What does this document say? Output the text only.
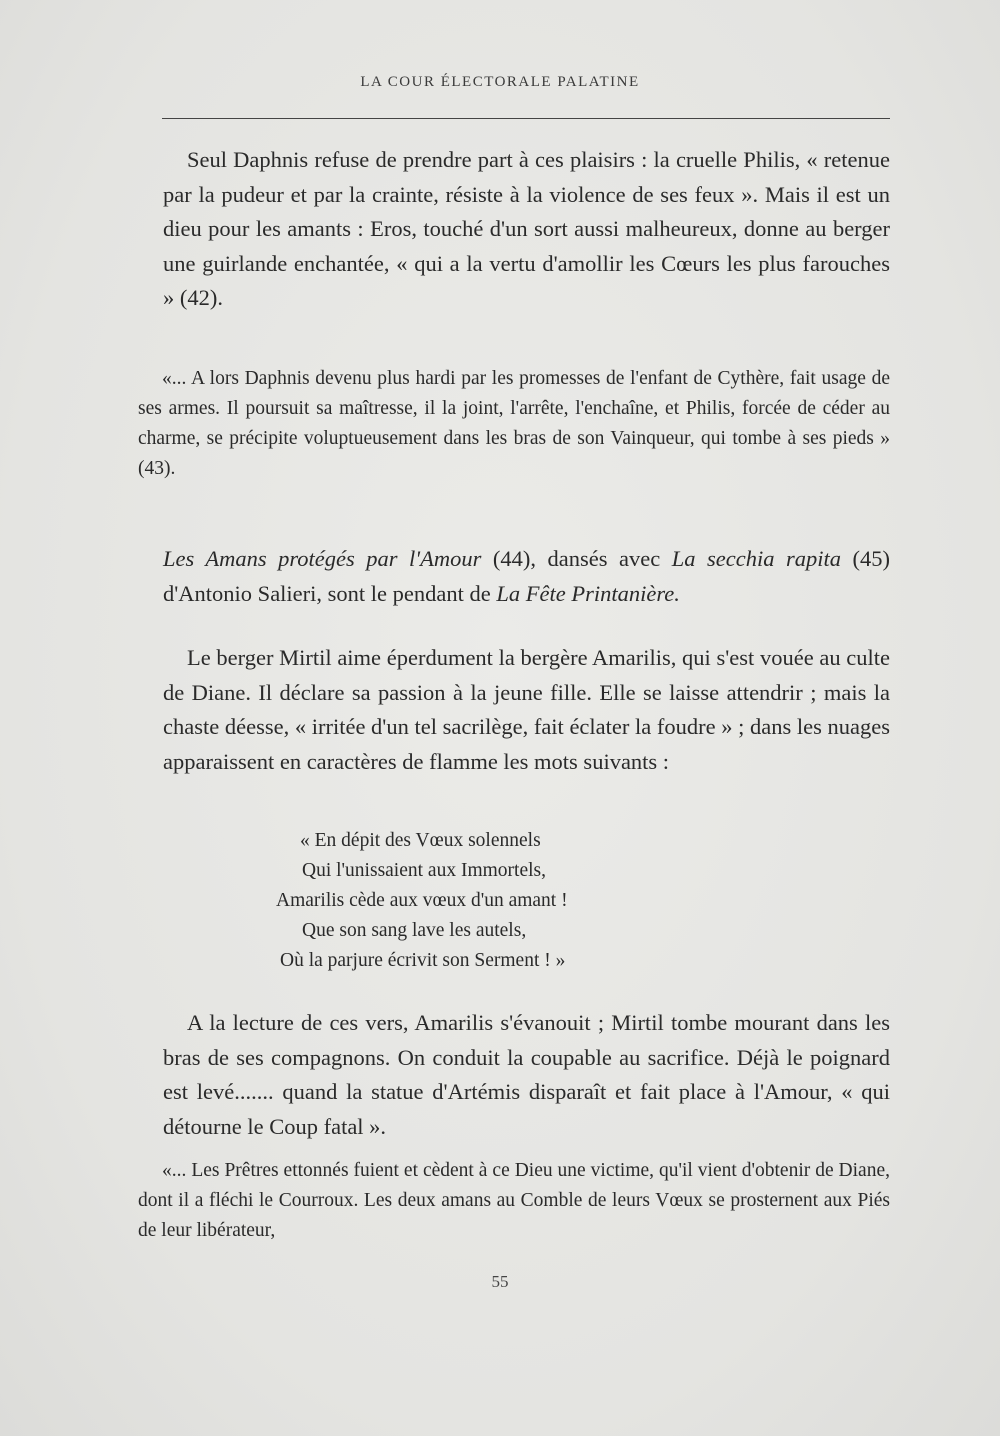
LA COUR ÉLECTORALE PALATINE

Seul Daphnis refuse de prendre part à ces plaisirs : la cruelle Philis, « retenue par la pudeur et par la crainte, résiste à la violence de ses feux ». Mais il est un dieu pour les amants : Eros, touché d'un sort aussi malheureux, donne au berger une guirlande enchantée, « qui a la vertu d'amollir les Cœurs les plus farouches » (42).

«... A lors Daphnis devenu plus hardi par les promesses de l'enfant de Cythère, fait usage de ses armes. Il poursuit sa maîtresse, il la joint, l'arrête, l'enchaîne, et Philis, forcée de céder au charme, se précipite voluptueusement dans les bras de son Vainqueur, qui tombe à ses pieds » (43).

Les Amans protégés par l'Amour (44), dansés avec La secchia rapita (45) d'Antonio Salieri, sont le pendant de La Fête Printanière.

Le berger Mirtil aime éperdument la bergère Amarilis, qui s'est vouée au culte de Diane. Il déclare sa passion à la jeune fille. Elle se laisse attendrir ; mais la chaste déesse, « irritée d'un tel sacrilège, fait éclater la foudre » ; dans les nuages apparaissent en caractères de flamme les mots suivants :

« En dépit des Vœux solennels
Qui l'unissaient aux Immortels,
Amarilis cède aux vœux d'un amant !
Que son sang lave les autels,
Où la parjure écrivit son Serment ! »

A la lecture de ces vers, Amarilis s'évanouit ; Mirtil tombe mourant dans les bras de ses compagnons. On conduit la coupable au sacrifice. Déjà le poignard est levé....... quand la statue d'Artémis disparaît et fait place à l'Amour, « qui détourne le Coup fatal ».

«... Les Prêtres ettonnés fuient et cèdent à ce Dieu une victime, qu'il vient d'obtenir de Diane, dont il a fléchi le Courroux. Les deux amans au Comble de leurs Vœux se prosternent aux Piés de leur libérateur,

55
